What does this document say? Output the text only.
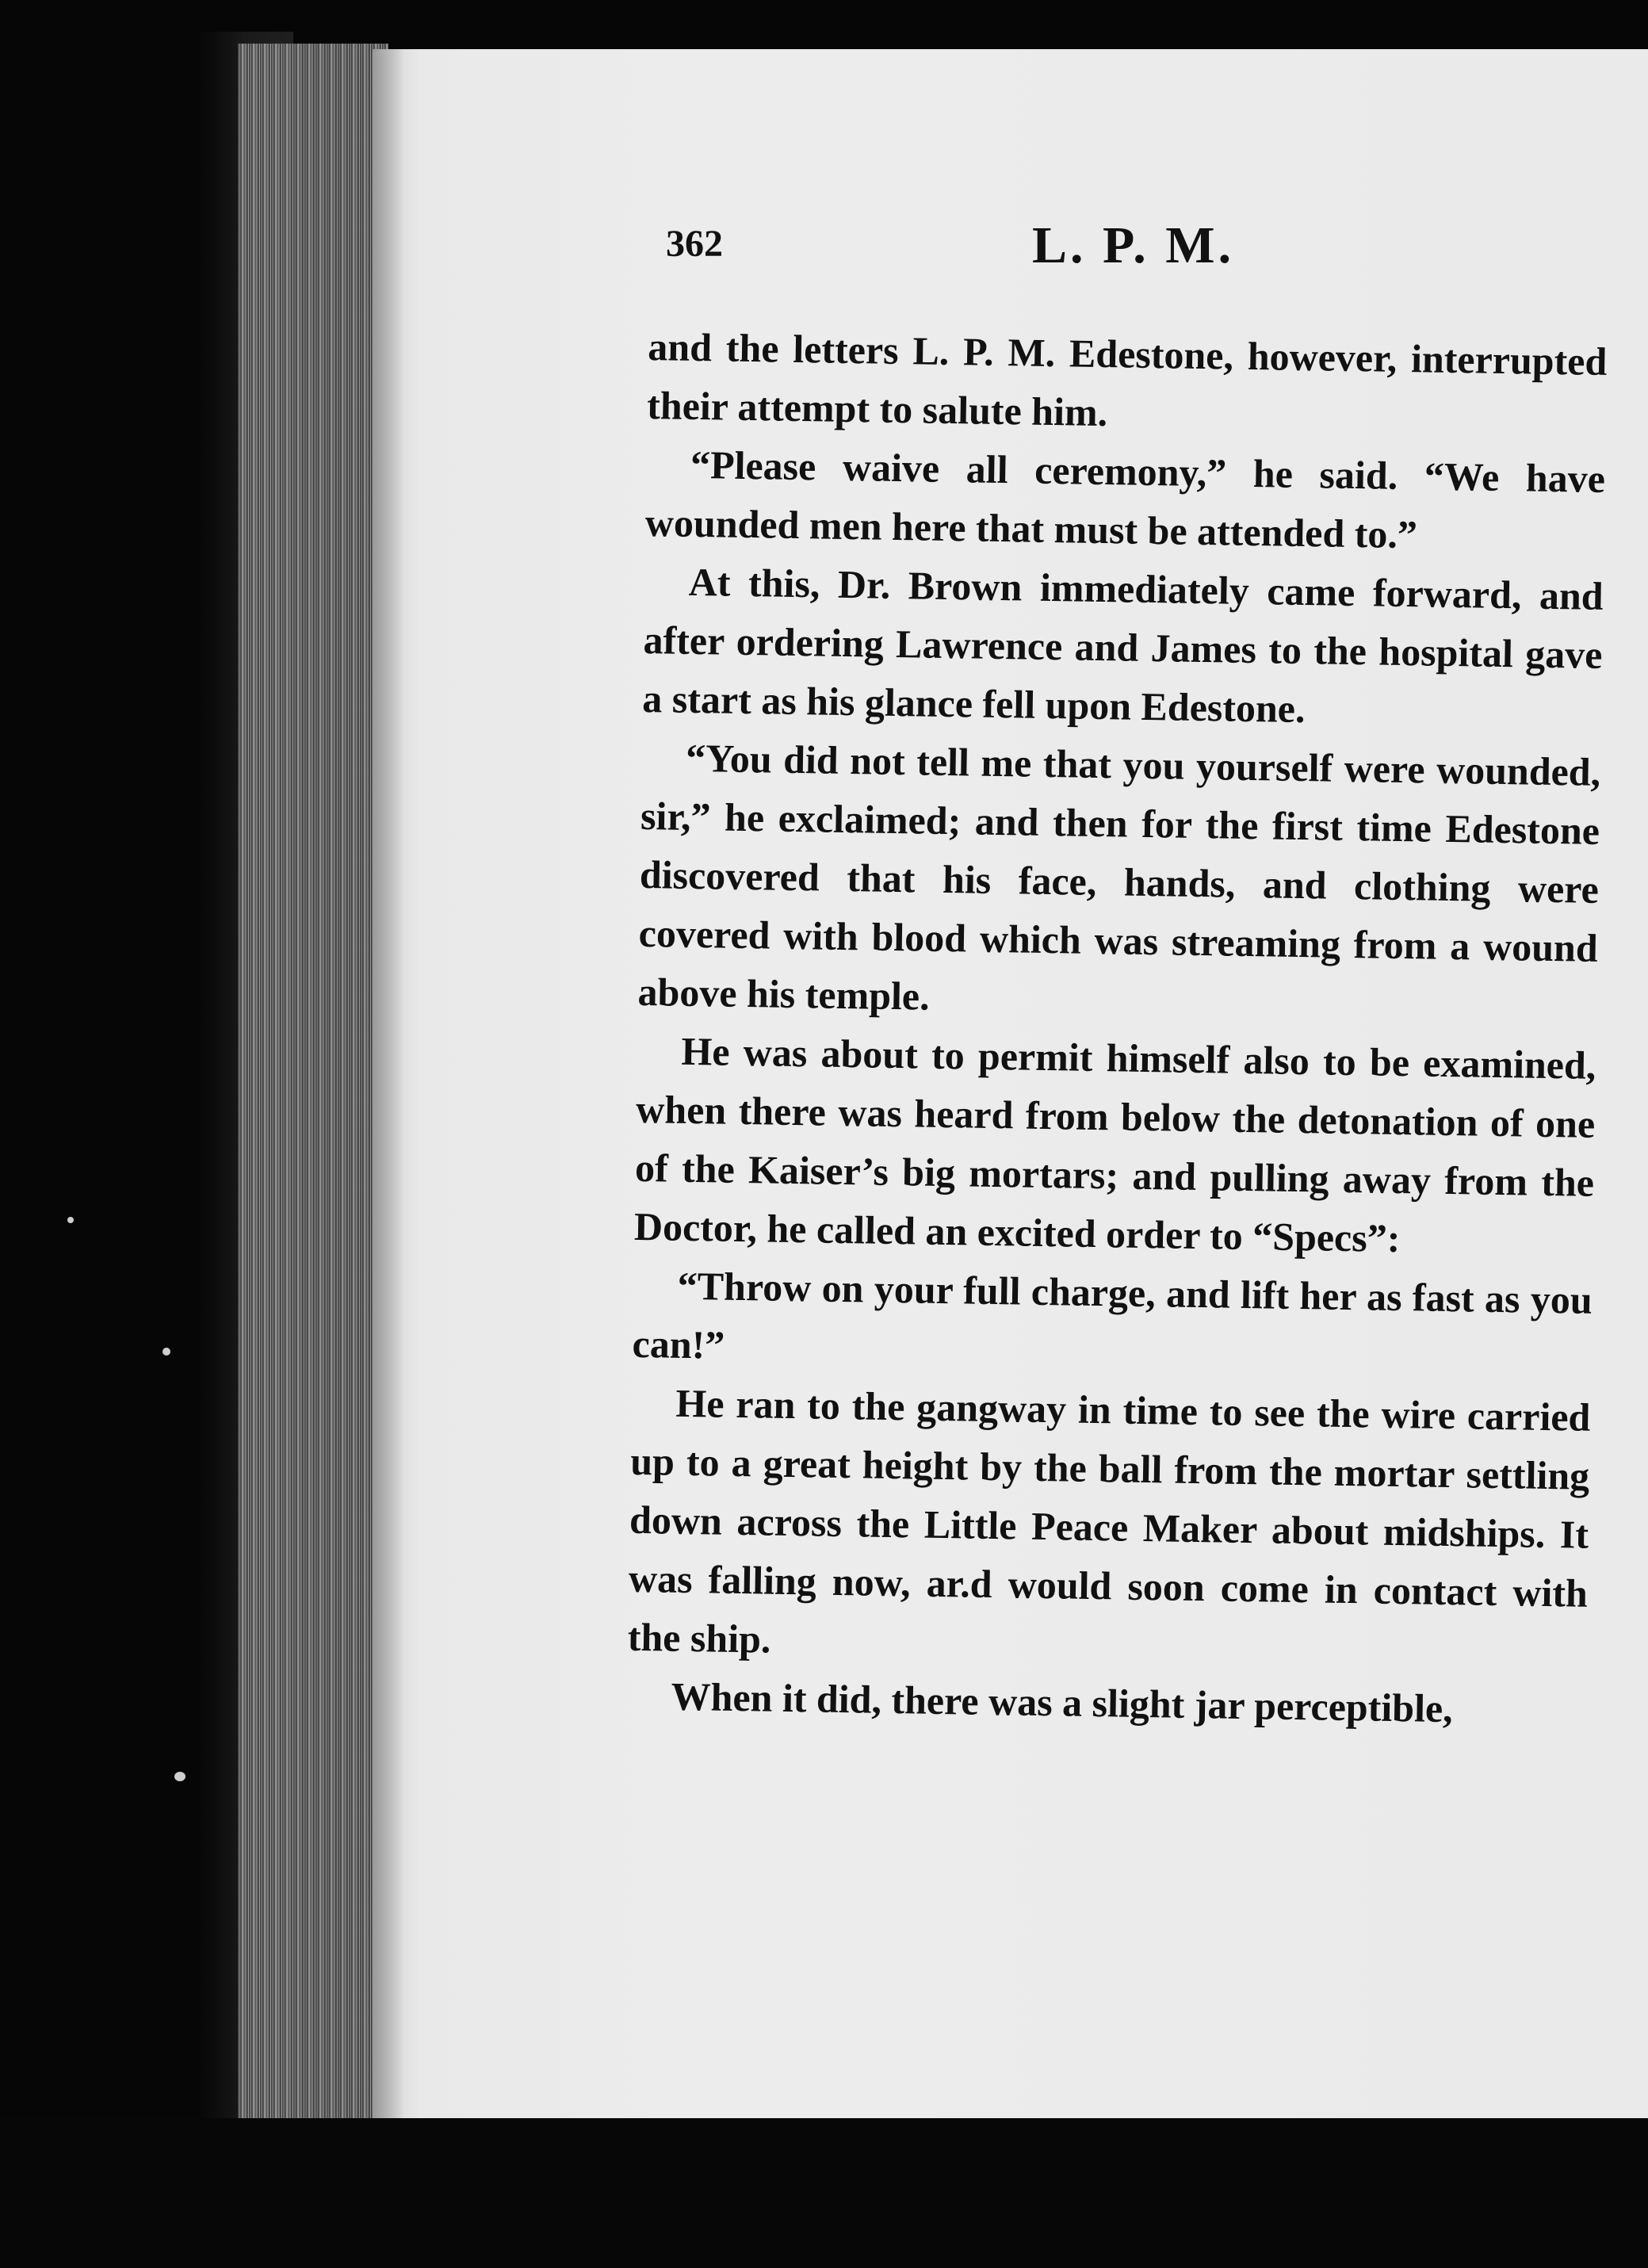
362	L. P. M.

and the letters L. P. M. Edestone, however, interrupted their attempt to salute him.

“Please waive all ceremony,” he said. “We have wounded men here that must be attended to.”

At this, Dr. Brown immediately came forward, and after ordering Lawrence and James to the hospital gave a start as his glance fell upon Edestone.

“You did not tell me that you yourself were wounded, sir,” he exclaimed; and then for the first time Edestone discovered that his face, hands, and clothing were covered with blood which was streaming from a wound above his temple.

He was about to permit himself also to be examined, when there was heard from below the detonation of one of the Kaiser’s big mortars; and pulling away from the Doctor, he called an excited order to “Specs”:

“Throw on your full charge, and lift her as fast as you can!”

He ran to the gangway in time to see the wire carried up to a great height by the ball from the mortar settling down across the Little Peace Maker about midships. It was falling now, ar.d would soon come in contact with the ship.

When it did, there was a slight jar perceptible,
